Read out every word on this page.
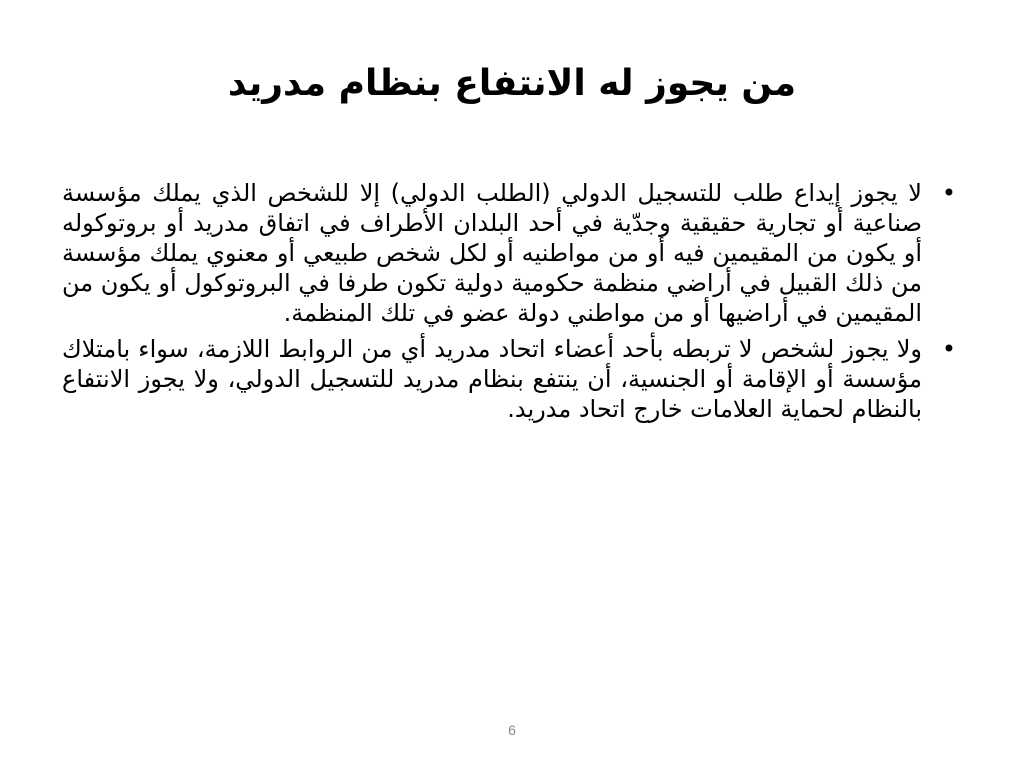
من يجوز له الانتفاع بنظام مدريد
•
لا يجوز إيداع طلب للتسجيل الدولي (الطلب الدولي) إلا للشخص الذي يملك مؤسسة صناعية أو تجارية حقيقية وجدّية في أحد البلدان الأطراف في اتفاق مدريد أو بروتوكوله أو يكون من المقيمين فيه أو من مواطنيه أو لكل شخص طبيعي أو معنوي يملك مؤسسة من ذلك القبيل في أراضي منظمة حكومية دولية تكون طرفا في البروتوكول أو يكون من المقيمين في أراضيها أو من مواطني دولة عضو في تلك المنظمة.
•
ولا يجوز لشخص لا تربطه بأحد أعضاء اتحاد مدريد أي من الروابط اللازمة، سواء بامتلاك مؤسسة أو الإقامة أو الجنسية، أن ينتفع بنظام مدريد للتسجيل الدولي، ولا يجوز الانتفاع بالنظام لحماية العلامات خارج اتحاد مدريد.
6
